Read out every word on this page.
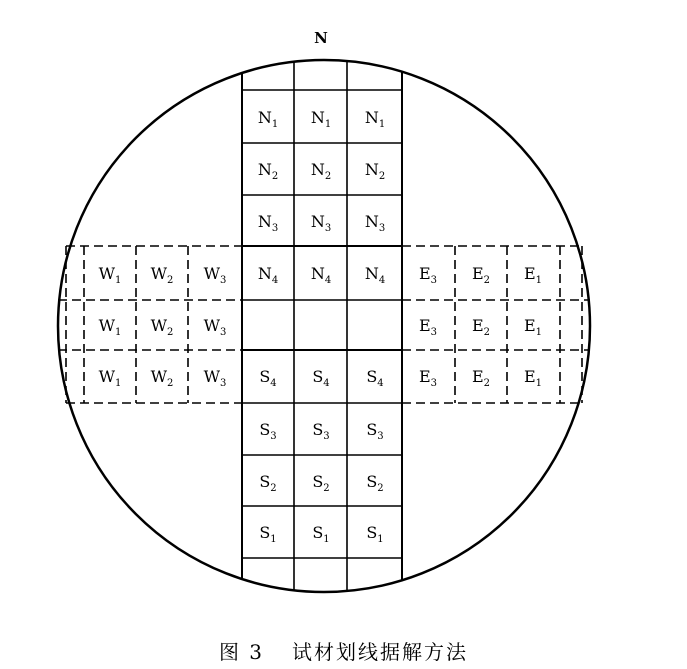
N
$N_1$ $N_1$ $N_1$
$N_2$ $N_2$ $N_2$
$N_3$ $N_3$ $N_3$
$N_4$ $N_4$ $N_4$
$S_4$ $S_4$ $S_4$
$S_3$ $S_3$ $S_3$
$S_2$ $S_2$ $S_2$
$S_1$ $S_1$ $S_1$
$W_1$ $W_2$ $W_3$
$W_1$ $W_2$ $W_3$
$W_1$ $W_2$ $W_3$
$E_3$ $E_2$ $E_1$
$E_3$ $E_2$ $E_1$
$E_3$ $E_2$ $E_1$
图 3 试材划线据解方法
